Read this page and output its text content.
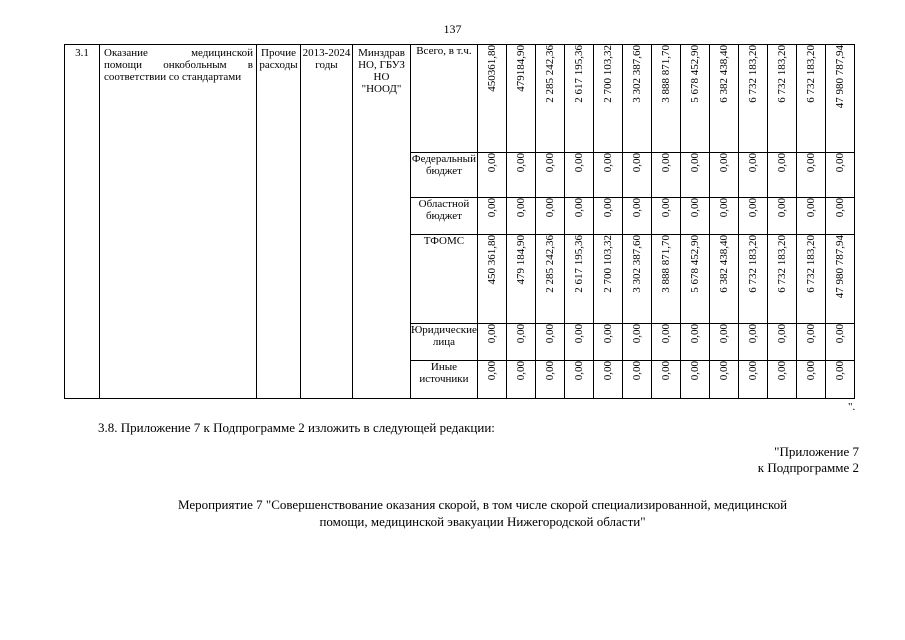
137
3.1	Оказание медицинской помощи онкобольным в соответствии со стандартами	Прочие расходы	2013-2024 годы	Минздрав НО, ГБУЗ НО "НООД"	Всего, в т.ч.	450361,80	479184,90	2 285 242,36	2 617 195,36	2 700 103,32	3 302 387,60	3 888 871,70	5 678 452,90	6 382 438,40	6 732 183,20	6 732 183,20	6 732 183,20	47 980 787,94
					Федеральный бюджет	0,00	0,00	0,00	0,00	0,00	0,00	0,00	0,00	0,00	0,00	0,00	0,00	0,00
					Областной бюджет	0,00	0,00	0,00	0,00	0,00	0,00	0,00	0,00	0,00	0,00	0,00	0,00	0,00
					ТФОМС	450 361,80	479 184,90	2 285 242,36	2 617 195,36	2 700 103,32	3 302 387,60	3 888 871,70	5 678 452,90	6 382 438,40	6 732 183,20	6 732 183,20	6 732 183,20	47 980 787,94
					Юридические лица	0,00	0,00	0,00	0,00	0,00	0,00	0,00	0,00	0,00	0,00	0,00	0,00	0,00
					Иные источники	0,00	0,00	0,00	0,00	0,00	0,00	0,00	0,00	0,00	0,00	0,00	0,00	0,00
".
3.8. Приложение 7 к Подпрограмме 2 изложить в следующей редакции:
"Приложение 7
к Подпрограмме 2
Мероприятие 7 "Совершенствование оказания скорой, в том числе скорой специализированной, медицинской
помощи, медицинской эвакуации Нижегородской области"
